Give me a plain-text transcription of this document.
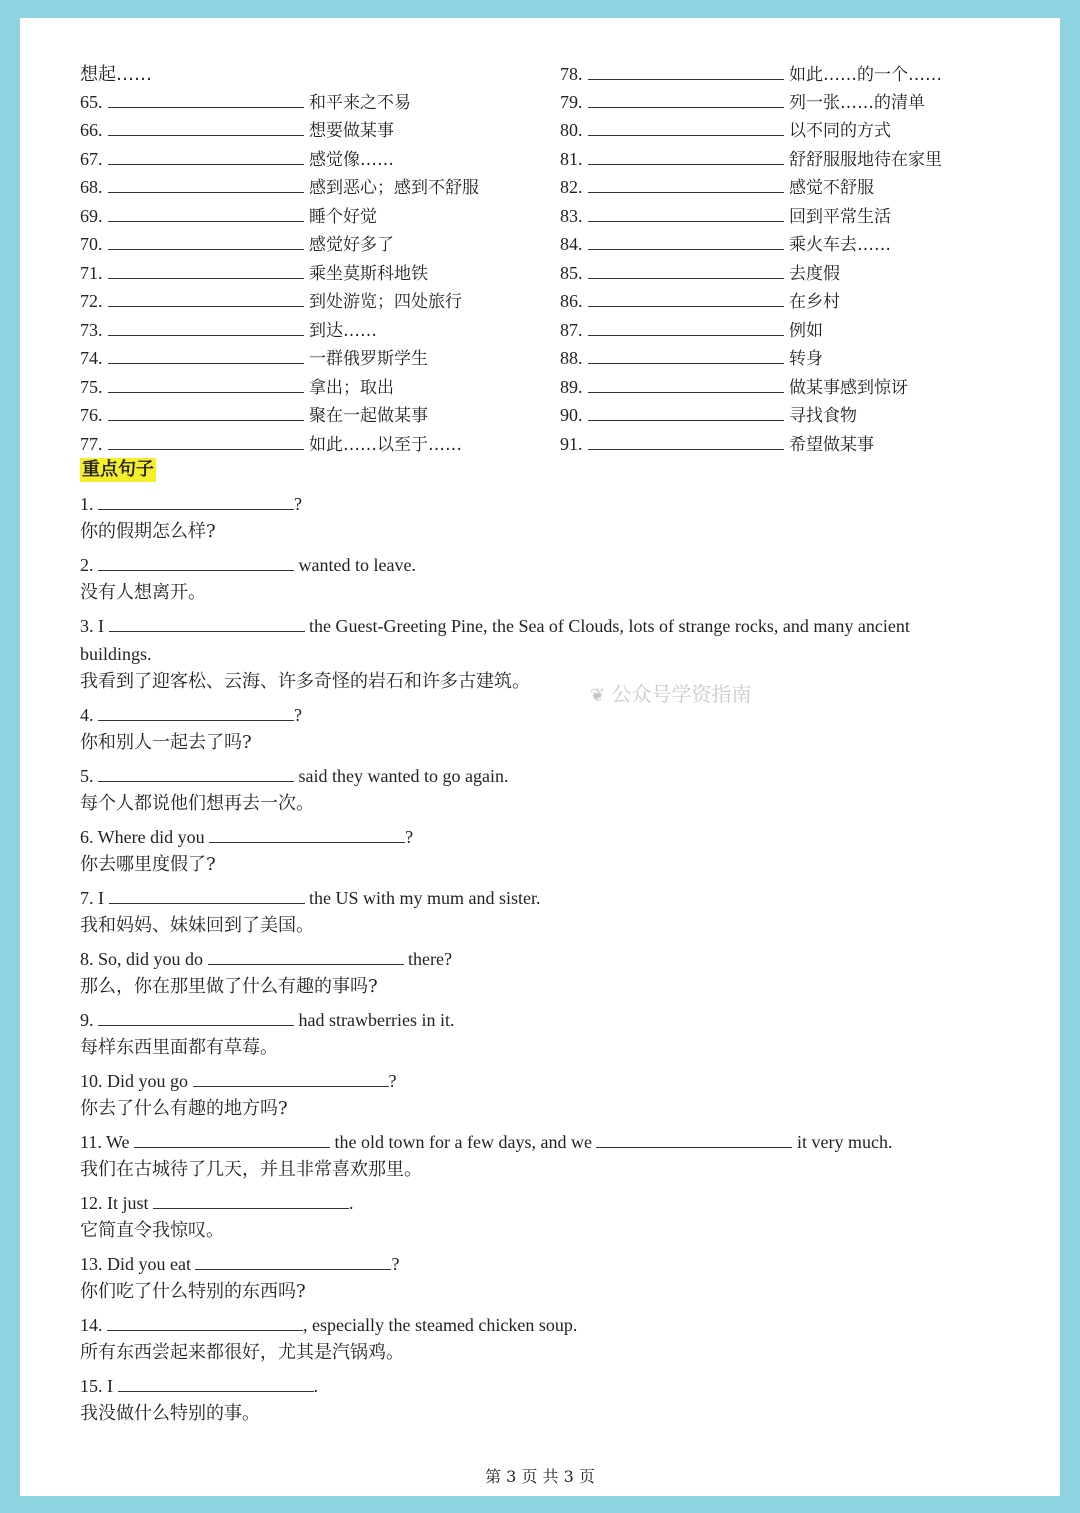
想起……
65.	和平来之不易
66.	想要做某事
67.	感觉像……
68.	感到恶心；感到不舒服
69.	睡个好觉
70.	感觉好多了
71.	乘坐莫斯科地铁
72.	到处游览；四处旅行
73.	到达……
74.	一群俄罗斯学生
75.	拿出；取出
76.	聚在一起做某事
77.	如此……以至于……
78.	如此……的一个……
79.	列一张……的清单
80.	以不同的方式
81.	舒舒服服地待在家里
82.	感觉不舒服
83.	回到平常生活
84.	乘火车去……
85.	去度假
86.	在乡村
87.	例如
88.	转身
89.	做某事感到惊讶
90.	寻找食物
91.	希望做某事
重点句子
1.	?
你的假期怎么样?
2.	wanted to leave.
没有人想离开。
3. I	the Guest-Greeting Pine, the Sea of Clouds, lots of strange rocks, and many ancient
buildings.
我看到了迎客松、云海、许多奇怪的岩石和许多古建筑。
4.	?
你和别人一起去了吗?
5.	said they wanted to go again.
每个人都说他们想再去一次。
6. Where did you	?
你去哪里度假了?
7. I	the US with my mum and sister.
我和妈妈、妹妹回到了美国。
8. So, did you do	there?
那么，你在那里做了什么有趣的事吗?
9.	had strawberries in it.
每样东西里面都有草莓。
10. Did you go	?
你去了什么有趣的地方吗?
11. We	the old town for a few days, and we	it very much.
我们在古城待了几天，并且非常喜欢那里。
12. It just	.
它简直令我惊叹。
13. Did you eat	?
你们吃了什么特别的东西吗?
14.	, especially the steamed chicken soup.
所有东西尝起来都很好，尤其是汽锅鸡。
15. I	.
我没做什么特别的事。
❦ 公众号学资指南
第 3 页 共 3 页
